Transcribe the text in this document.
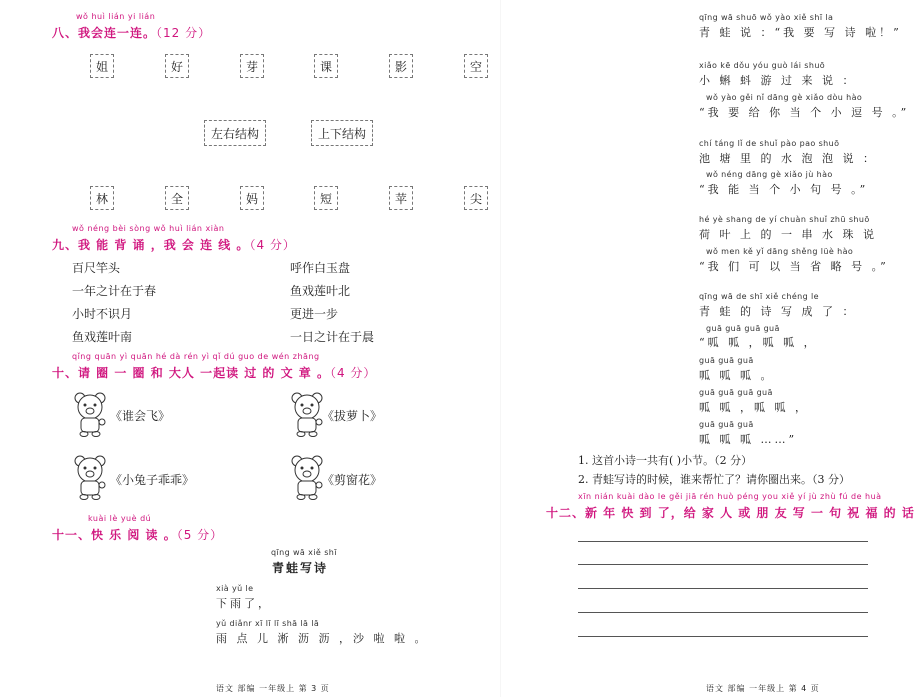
wǒ huì lián yi lián
八、我会连一连。（12 分）
姐	好	芽	课	影	空
左右结构	上下结构
林	全	妈	短	苹	尖
wǒ néng bèi sòng wǒ huì lián xiàn
九、我 能 背 诵 ，我 会 连 线 。（4 分）
百尺竿头
一年之计在于春
小时不识月
鱼戏莲叶南
呼作白玉盘
鱼戏莲叶北
更进一步
一日之计在于晨
qǐng quān yì quān hé dà rén yì qǐ dú guo de wén zhāng
十、请 圈 一 圈 和 大人 一起读 过 的 文 章 。（4 分）
《谁会飞》	《拔萝卜》
《小兔子乖乖》	《剪窗花》
kuài lè yuè dú
十一、快 乐 阅 读 。（5 分）
qīng wā xiě shī
青蛙写诗
xià yǔ le
下雨了，
yǔ diǎnr xī lī lī shā lā lā
雨 点 儿 淅 沥 沥 ，沙 啦 啦 。
语文 部编 一年级上 第 3 页
qīng wā shuō wǒ yào xiě shī la
青 蛙 说 ：“我 要 写 诗 啦！”
xiǎo kē dǒu yóu guò lái shuō
小 蝌 蚪 游 过 来 说 ：
wǒ yào gěi nǐ dāng gè xiǎo dòu hào
“我 要 给 你 当 个 小 逗 号 。”
chí táng lǐ de shuǐ pào pao shuō
池 塘 里 的 水 泡 泡 说 ：
wǒ néng dāng gè xiǎo jù hào
“我 能 当 个 小 句 号 。”
hé yè shang de yí chuàn shuǐ zhū shuō
荷 叶 上 的 一 串 水 珠 说
wǒ men kě yǐ dāng shěng lüè hào
“我 们 可 以 当 省 略 号 。”
qīng wā de shī xiě chéng le
青 蛙 的 诗 写 成 了 ：
guā guā guā guā
“呱 呱 ，呱 呱 ，
guā guā guā
呱 呱 呱 。
guā guā guā guā
呱 呱 ，呱 呱 ，
guā guā guā
呱 呱 呱 ……”
1. 这首小诗一共有( )小节。（2 分）
2. 青蛙写诗的时候，谁来帮忙了？请你圈出来。（3 分）
xīn nián kuài dào le gěi jiā rén huò péng you xiě yí jù zhù fú de huà
十二、新 年 快 到 了，给 家 人 或 朋 友 写 一 句 祝 福 的 话
语文 部编 一年级上 第 4 页
